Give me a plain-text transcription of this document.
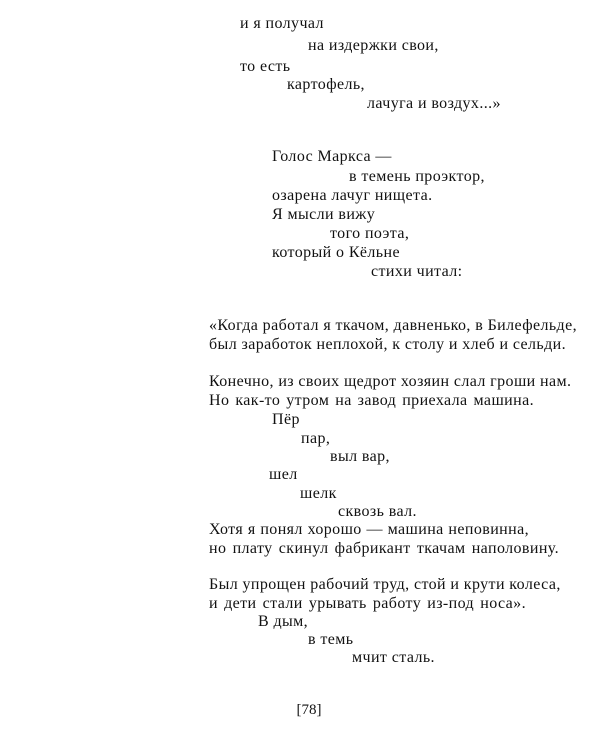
и я получал
на издержки свои,
то есть
картофель,
лачуга и воздух...»
Голос Маркса —
в темень проэктор,
озарена лачуг нищета.
Я мысли вижу
того поэта,
который о Кёльне
стихи читал:
«Когда работал я ткачом, давненько, в Билефельде,
был заработок неплохой, к столу и хлеб и сельди.
Конечно, из своих щедрот хозяин слал гроши нам.
Но как-то утром на завод приехала машина.
Пёр
пар,
выл вар,
шел
шелк
сквозь вал.
Хотя я понял хорошо — машина неповинна,
но плату скинул фабрикант ткачам наполовину.
Был упрощен рабочий труд, стой и крути колеса,
и дети стали урывать работу из-под носа».
В дым,
в темь
мчит сталь.
[78]
